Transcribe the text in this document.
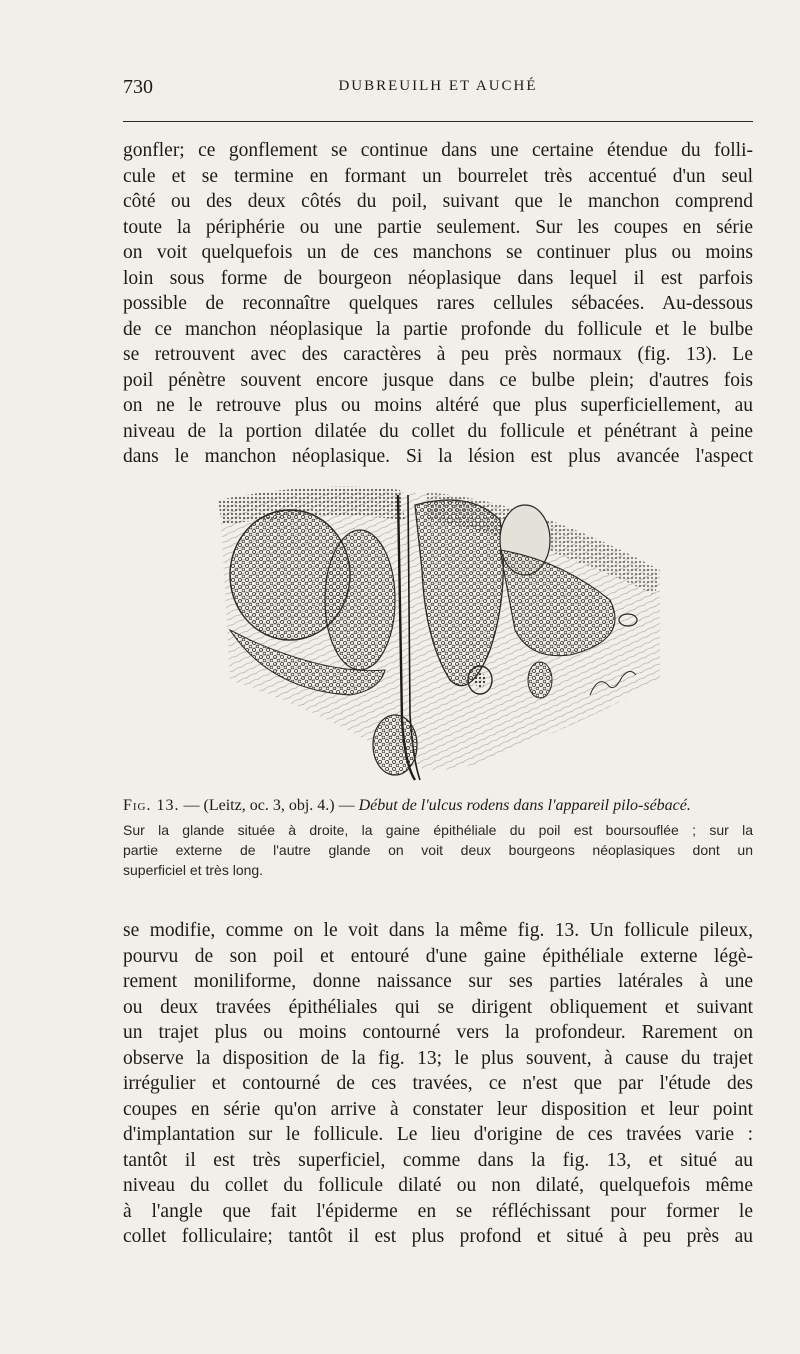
730	DUBREUILH ET AUCHÉ
gonfler; ce gonflement se continue dans une certaine étendue du folli-
cule et se termine en formant un bourrelet très accentué d'un seul
côté ou des deux côtés du poil, suivant que le manchon comprend
toute la périphérie ou une partie seulement. Sur les coupes en série
on voit quelquefois un de ces manchons se continuer plus ou moins
loin sous forme de bourgeon néoplasique dans lequel il est parfois
possible de reconnaître quelques rares cellules sébacées. Au-dessous
de ce manchon néoplasique la partie profonde du follicule et le bulbe
se retrouvent avec des caractères à peu près normaux (fig. 13). Le
poil pénètre souvent encore jusque dans ce bulbe plein; d'autres fois
on ne le retrouve plus ou moins altéré que plus superficiellement, au
niveau de la portion dilatée du collet du follicule et pénétrant à peine
dans le manchon néoplasique. Si la lésion est plus avancée l'aspect
Fig. 13. — (Leitz, oc. 3, obj. 4.) — Début de l'ulcus rodens dans l'appareil pilo-sébacé.
Sur la glande située à droite, la gaine épithéliale du poil est boursouflée ; sur la
partie externe de l'autre glande on voit deux bourgeons néoplasiques dont un
superficiel et très long.
se modifie, comme on le voit dans la même fig. 13. Un follicule pileux,
pourvu de son poil et entouré d'une gaine épithéliale externe légè-
rement moniliforme, donne naissance sur ses parties latérales à une
ou deux travées épithéliales qui se dirigent obliquement et suivant
un trajet plus ou moins contourné vers la profondeur. Rarement on
observe la disposition de la fig. 13; le plus souvent, à cause du trajet
irrégulier et contourné de ces travées, ce n'est que par l'étude des
coupes en série qu'on arrive à constater leur disposition et leur point
d'implantation sur le follicule. Le lieu d'origine de ces travées varie :
tantôt il est très superficiel, comme dans la fig. 13, et situé au
niveau du collet du follicule dilaté ou non dilaté, quelquefois même
à l'angle que fait l'épiderme en se réfléchissant pour former le
collet folliculaire; tantôt il est plus profond et situé à peu près au
